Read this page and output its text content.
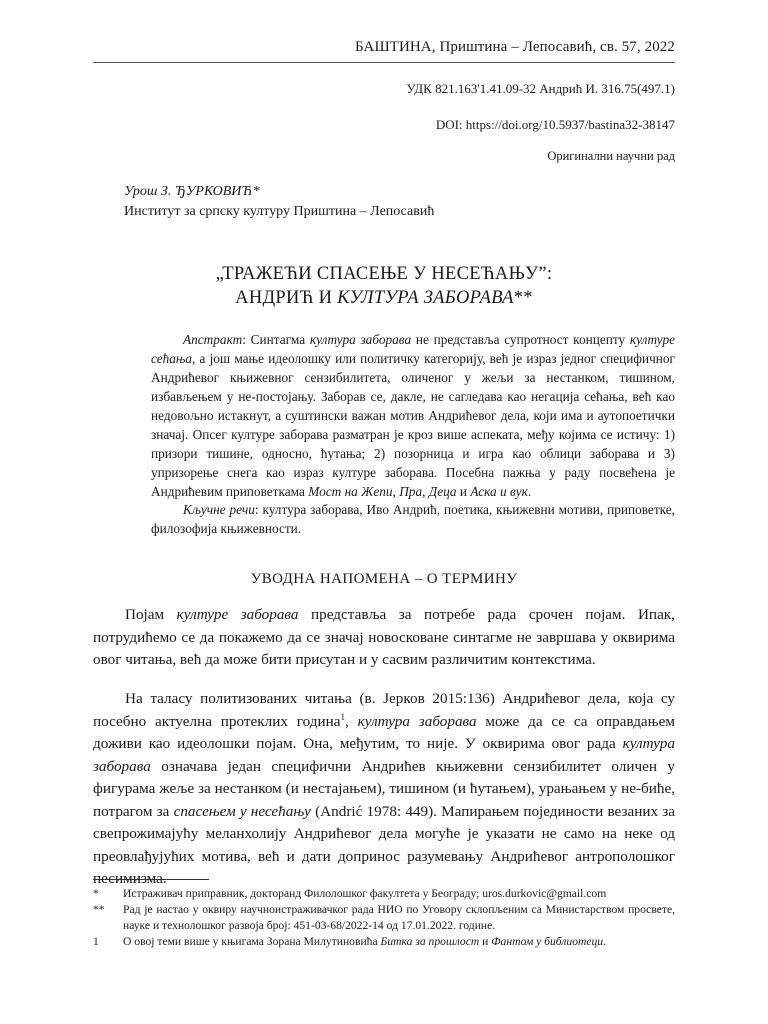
БАШТИНА, Приштина – Лепосавић, св. 57, 2022
УДК 821.163'1.41.09-32 Андрић И. 316.75(497.1)
DOI: https://doi.org/10.5937/bastina32-38147
Оригинални научни рад
Урош З. ЂУРКОВИЋ*
Институт за српску културу Приштина – Лепосавић
„ТРАЖЕЋИ СПАСЕЊЕ У НЕСЕЋАЊУ”:
АНДРИЋ И КУЛТУРА ЗАБОРАВА**
Апстракт: Синтагма култура заборава не представља супротност концепту културе сећања, а још мање идеолошку или политичку категорију, већ је израз једног специфичног Андрићевог књижевног сензибилитета, оличеног у жељи за нестанком, тишином, избављењем у не-постојању. Заборав се, дакле, не сагледава као негација сећања, већ као недовољно истакнут, а суштински важан мотив Андрићевог дела, који има и аутопоетички значај. Опсег културе заборава разматран је кроз више аспеката, међу којима се истичу: 1) призори тишине, односно, ћутања; 2) позорница и игра као облици заборава и 3) упризорење снега као израз културе заборава. Посебна пажња у раду посвећена је Андрићевим приповеткама Мост на Жепи, Пра, Деца и Аска и вук.
Кључне речи: култура заборава, Иво Андрић, поетика, књижевни мотиви, приповетке, филозофија књижевности.
УВОДНА НАПОМЕНА – О ТЕРМИНУ
Појам културе заборава представља за потребе рада срочен појам. Ипак, потрудићемо се да покажемо да се значај новоскованe синтагме не завршава у оквирима овог читања, већ да може бити присутан и у сасвим различитим контекстима.
На таласу политизованих читања (в. Јерков 2015:136) Андрићевог дела, која су посебно актуелна протеклих година$^1$, култура заборава може да се са оправдањем доживи као идеолошки појам. Она, међутим, то није. У оквирима овог рада култура заборава означава један специфични Андрићев књижевни сензибилитет оличен у фигурама жеље за нестанком (и нестајањем), тишином (и ћутањем), урањањем у не-биће, потрагом за спасењем у несећању (Andrić 1978: 449). Мапирањем појединости везаних за свепрожимајућу меланхолију Андрићевог дела могуће је указати не само на неке од преовлађујућих мотива, већ и дати допринос разумевању Андрићевог антрополошког песимизма.
*	Истраживач приправник, докторанд Филолошког факултета у Београду; uros.durkovic@gmail.com
**	Рад је настао у оквиру научноистраживачког рада НИО по Уговору склопљеним са Министарством просвете, науке и технолошког развоја број: 451-03-68/2022-14 од 17.01.2022. године.
1	О овој теми више у књигама Зорана Милутиновића Битка за прошлост и Фантом у библиотеци.
